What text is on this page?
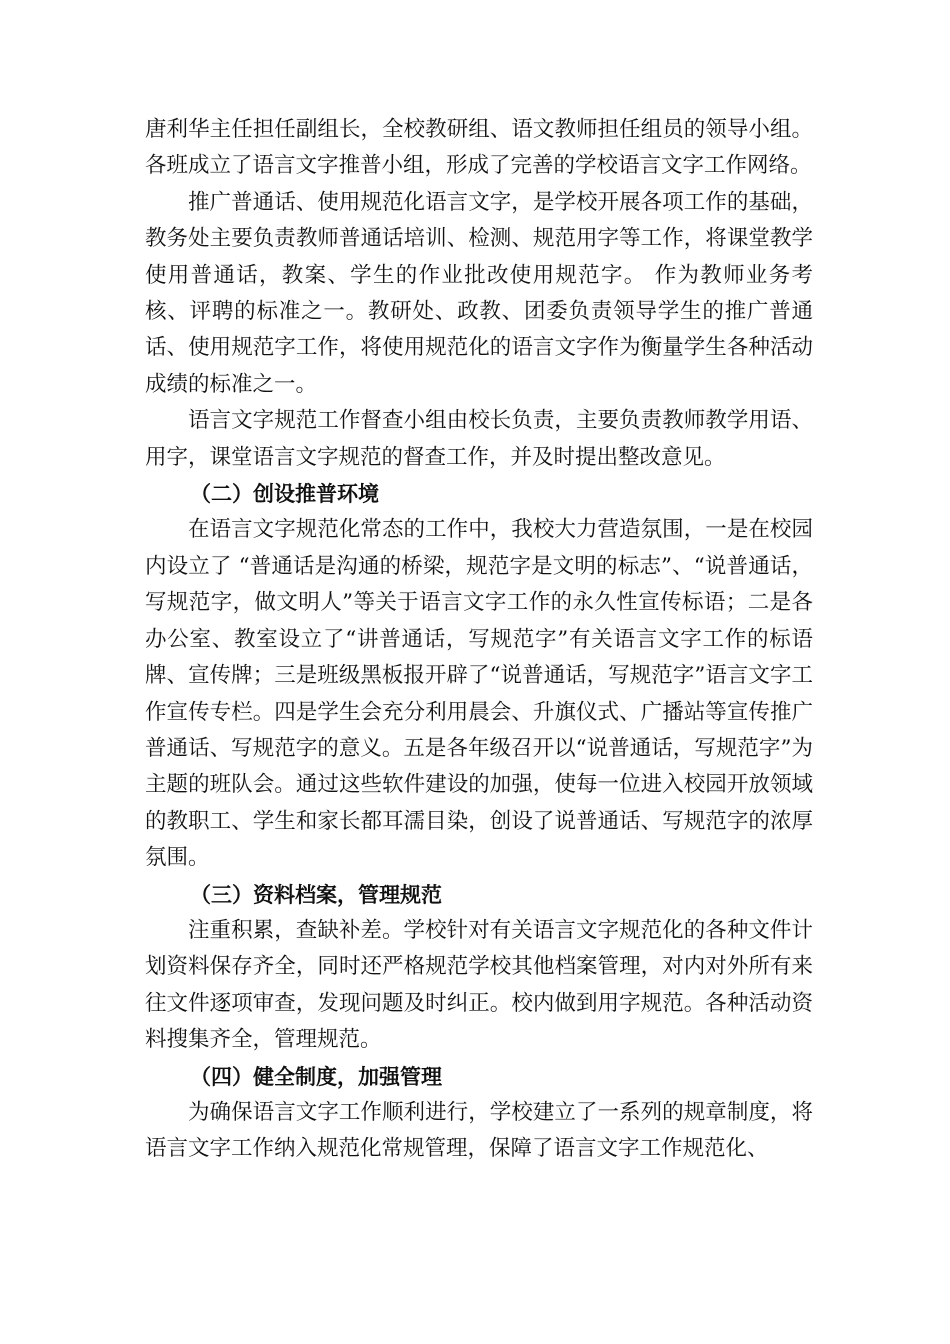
唐利华主任担任副组长，全校教研组、语文教师担任组员的领导小组。各班成立了语言文字推普小组，形成了完善的学校语言文字工作网络。

推广普通话、使用规范化语言文字，是学校开展各项工作的基础，教务处主要负责教师普通话培训、检测、规范用字等工作，将课堂教学使用普通话，教案、学生的作业批改使用规范字。 作为教师业务考核、评聘的标准之一。教研处、政教、团委负责领导学生的推广普通话、使用规范字工作，将使用规范化的语言文字作为衡量学生各种活动成绩的标准之一。

语言文字规范工作督查小组由校长负责，主要负责教师教学用语、用字，课堂语言文字规范的督查工作，并及时提出整改意见。

（二）创设推普环境

在语言文字规范化常态的工作中，我校大力营造氛围，一是在校园内设立了 “普通话是沟通的桥梁，规范字是文明的标志”、“说普通话，写规范字，做文明人”等关于语言文字工作的永久性宣传标语；二是各办公室、教室设立了“讲普通话，写规范字”有关语言文字工作的标语牌、宣传牌；三是班级黑板报开辟了“说普通话，写规范字”语言文字工作宣传专栏。四是学生会充分利用晨会、升旗仪式、广播站等宣传推广普通话、写规范字的意义。五是各年级召开以“说普通话，写规范字”为主题的班队会。通过这些软件建设的加强，使每一位进入校园开放领域的教职工、学生和家长都耳濡目染，创设了说普通话、写规范字的浓厚氛围。

（三）资料档案，管理规范

注重积累，查缺补差。学校针对有关语言文字规范化的各种文件计划资料保存齐全，同时还严格规范学校其他档案管理，对内对外所有来往文件逐项审查，发现问题及时纠正。校内做到用字规范。各种活动资料搜集齐全，管理规范。

（四）健全制度，加强管理

为确保语言文字工作顺利进行，学校建立了一系列的规章制度，将语言文字工作纳入规范化常规管理，保障了语言文字工作规范化、
